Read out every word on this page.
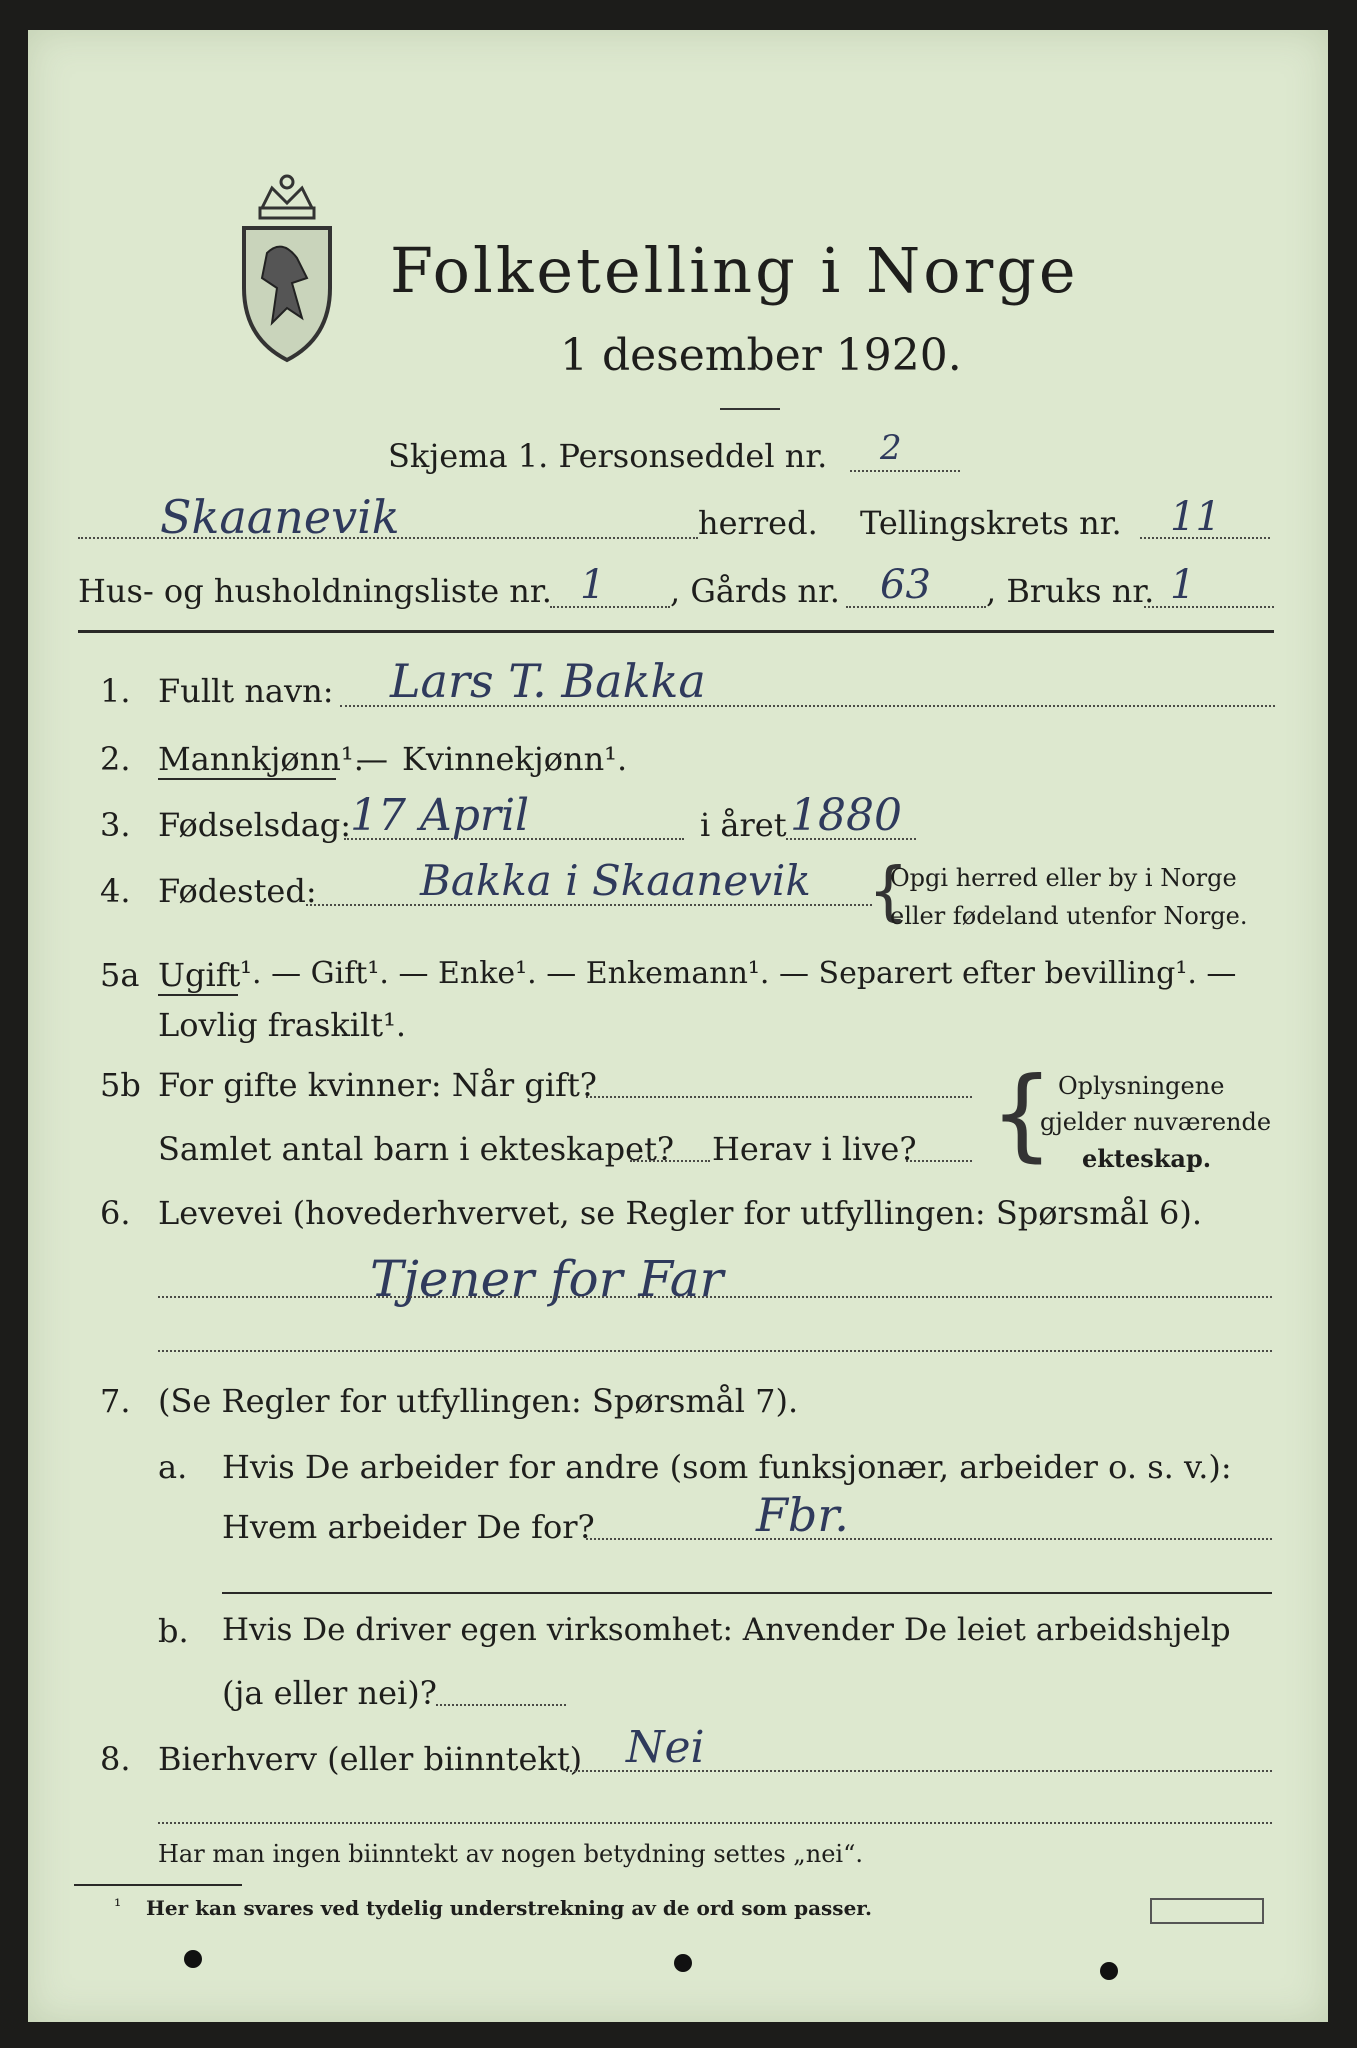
Folketelling i Norge
1 desember 1920.
Skjema 1. Personseddel nr. 2
Skaanevik	herred. Tellingskrets nr. 11
Hus- og husholdningsliste nr. 1 , Gårds nr. 63 , Bruks nr. 1
1. Fullt navn: Lars T. Bakka
2. Mannkjønn¹.
— Kvinnekjønn¹.
3. Fødselsdag:
17 April	i året 1880
4. Fødested: Bakka i Skaanevik {
Opgi herred eller by i Norge
eller fødeland utenfor Norge.
5a Ugift ¹. — Gift¹. — Enke¹. — Enkemann¹. — Separert efter bevilling¹. —
Lovlig fraskilt¹.
5b For gifte kvinner: Når gift?
Samlet antal barn i ekteskapet? Herav i live? { Oplysningene
gjelder nuværende
ekteskap.
6. Levevei (hovederhvervet, se Regler for utfyllingen: Spørsmål 6).
Tjener for Far
7. (Se Regler for utfyllingen: Spørsmål 7).
a. Hvis De arbeider for andre (som funksjonær, arbeider o. s. v.):
Hvem arbeider De for?	Fbr.
b. Hvis De driver egen virksomhet: Anvender De leiet arbeidshjelp
(ja eller nei)?
8. Bierhverv (eller biinntekt) Nei
Har man ingen biinntekt av nogen betydning settes „nei“.
¹ Her kan svares ved tydelig understrekning av de ord som passer.
